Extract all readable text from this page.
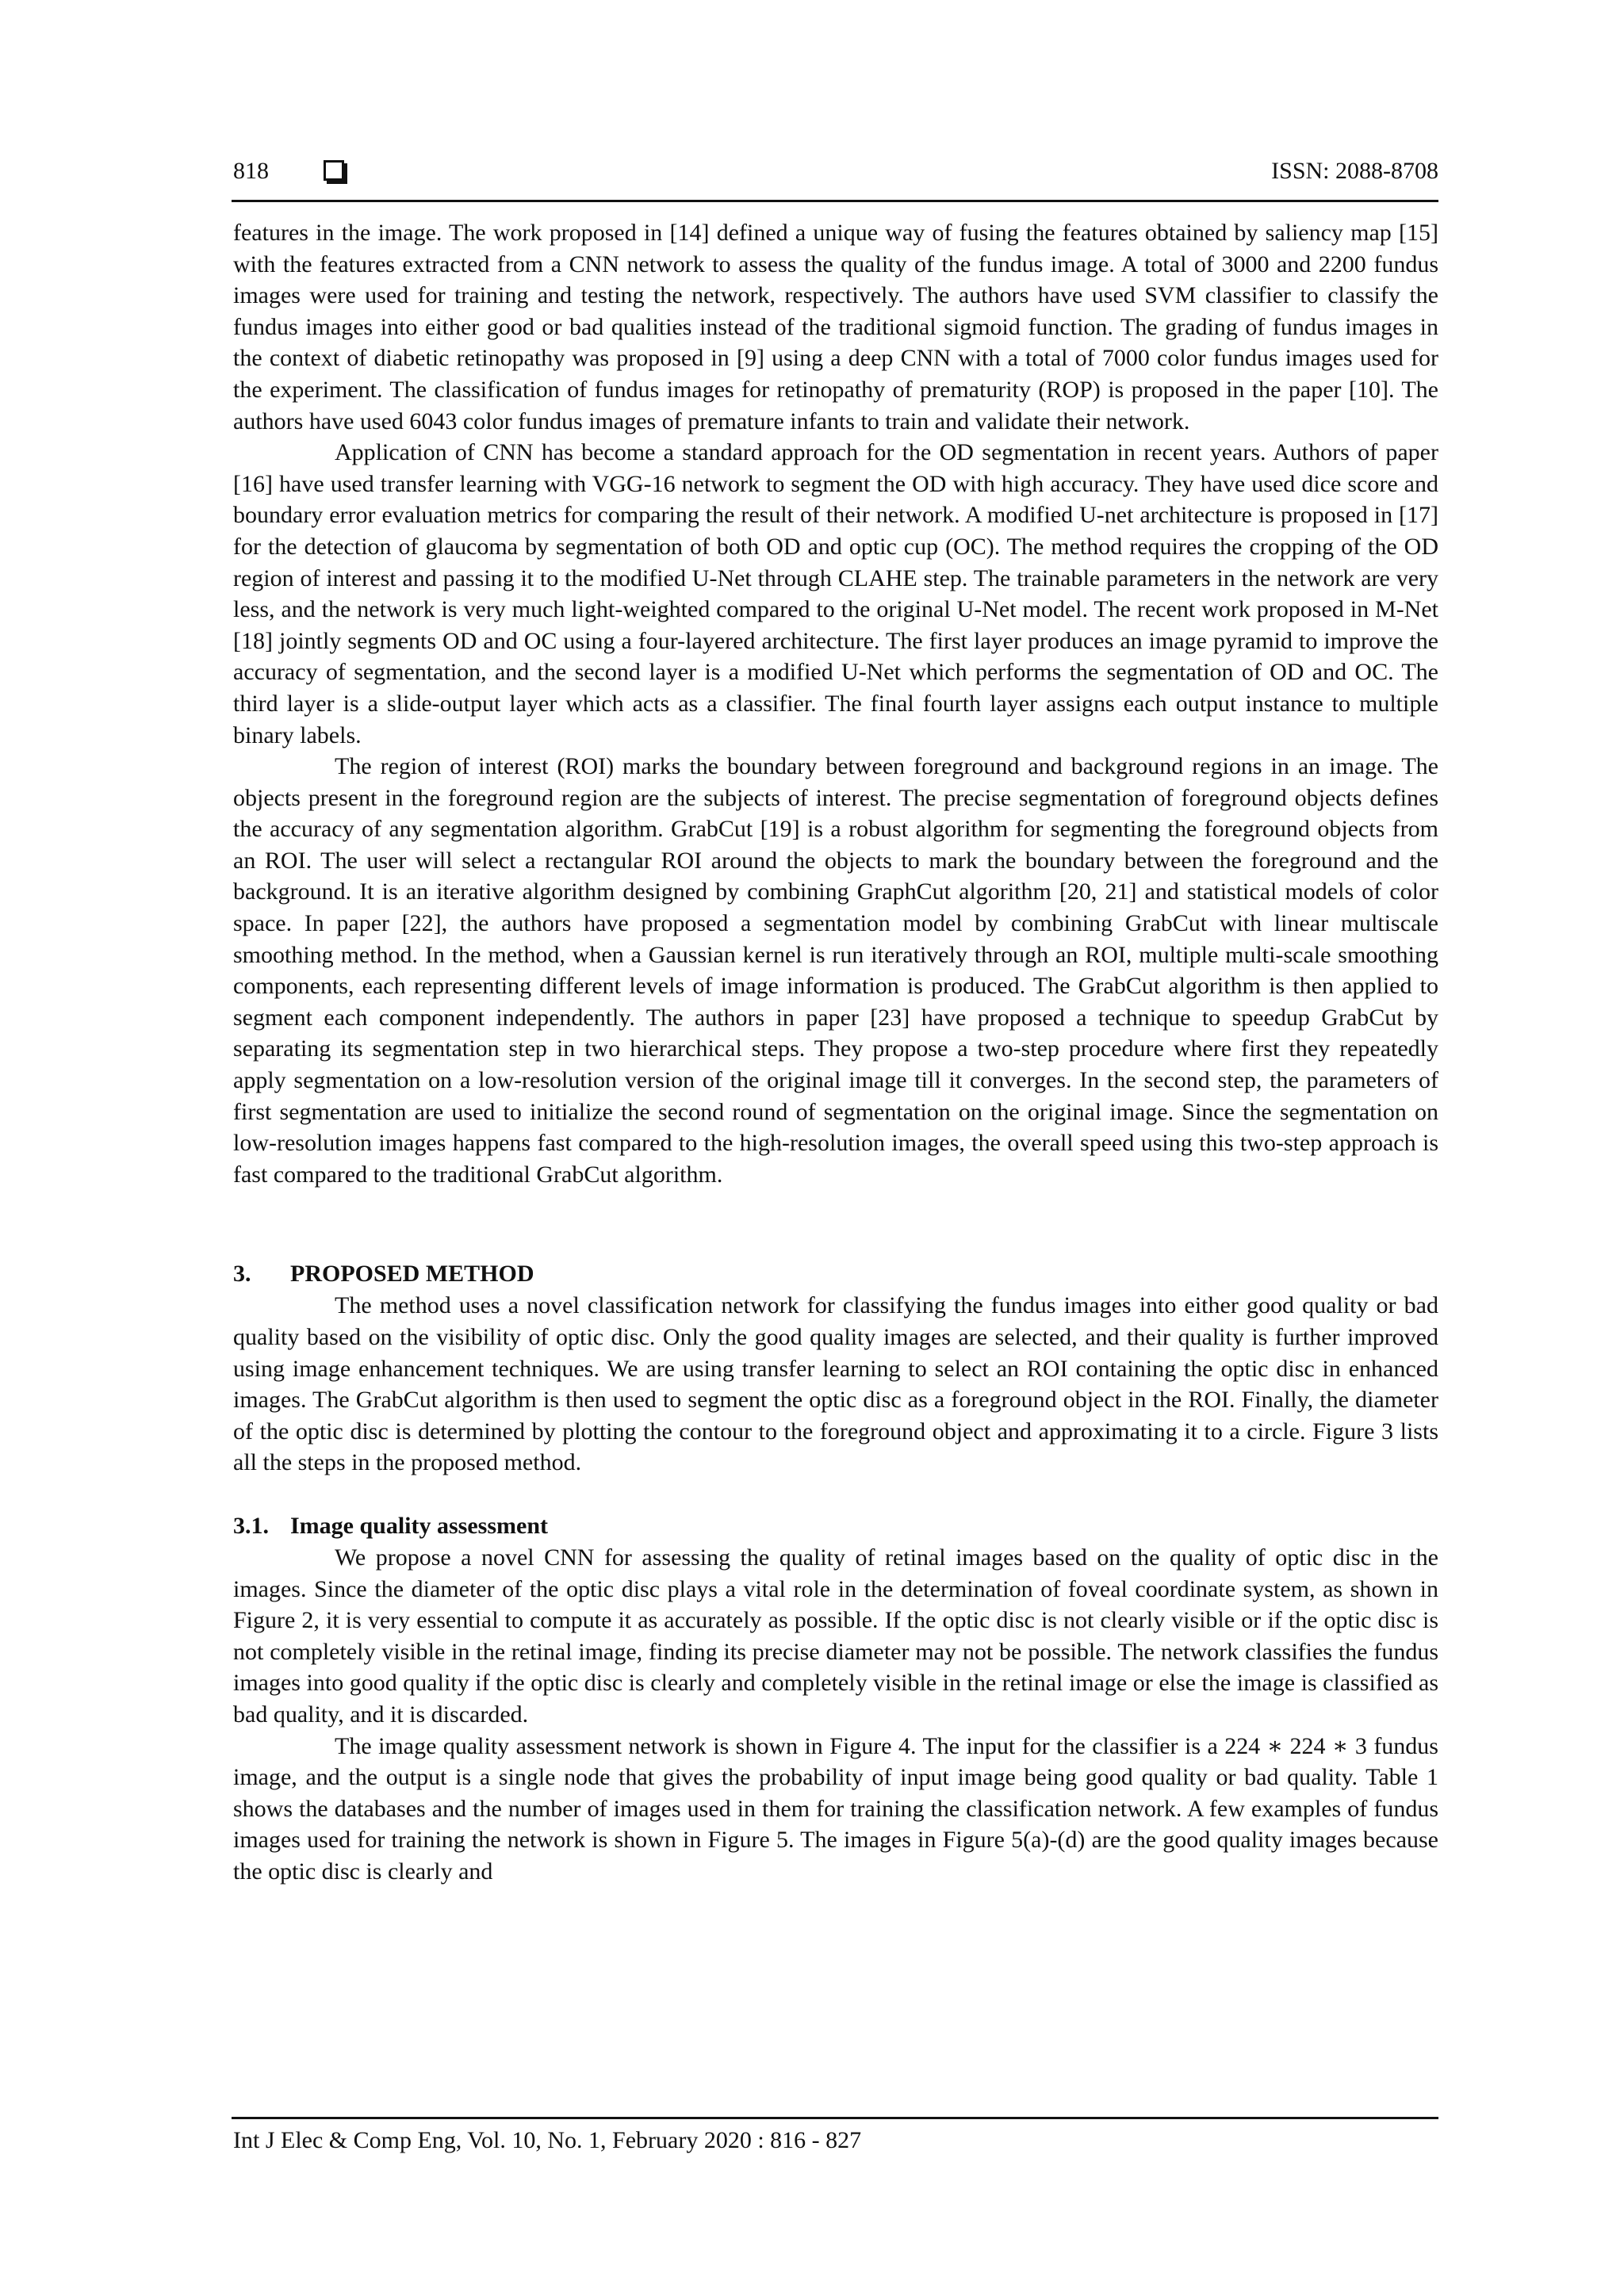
818	ISSN: 2088-8708

features in the image. The work proposed in [14] defined a unique way of fusing the features obtained by saliency map [15] with the features extracted from a CNN network to assess the quality of the fundus image. A total of 3000 and 2200 fundus images were used for training and testing the network, respectively. The authors have used SVM classifier to classify the fundus images into either good or bad qualities instead of the traditional sigmoid function. The grading of fundus images in the context of diabetic retinopathy was proposed in [9] using a deep CNN with a total of 7000 color fundus images used for the experiment. The classification of fundus images for retinopathy of prematurity (ROP) is proposed in the paper [10]. The authors have used 6043 color fundus images of premature infants to train and validate their network.

Application of CNN has become a standard approach for the OD segmentation in recent years. Authors of paper [16] have used transfer learning with VGG-16 network to segment the OD with high accuracy. They have used dice score and boundary error evaluation metrics for comparing the result of their network. A modified U-net architecture is proposed in [17] for the detection of glaucoma by segmentation of both OD and optic cup (OC). The method requires the cropping of the OD region of interest and passing it to the modified U-Net through CLAHE step. The trainable parameters in the network are very less, and the network is very much light-weighted compared to the original U-Net model. The recent work proposed in M-Net [18] jointly segments OD and OC using a four-layered architecture. The first layer produces an image pyramid to improve the accuracy of segmentation, and the second layer is a modified U-Net which performs the segmentation of OD and OC. The third layer is a slide-output layer which acts as a classifier. The final fourth layer assigns each output instance to multiple binary labels.

The region of interest (ROI) marks the boundary between foreground and background regions in an image. The objects present in the foreground region are the subjects of interest. The precise segmentation of foreground objects defines the accuracy of any segmentation algorithm. GrabCut [19] is a robust algorithm for segmenting the foreground objects from an ROI. The user will select a rectangular ROI around the objects to mark the boundary between the foreground and the background. It is an iterative algorithm designed by combining GraphCut algorithm [20, 21] and statistical models of color space. In paper [22], the authors have proposed a segmentation model by combining GrabCut with linear multiscale smoothing method. In the method, when a Gaussian kernel is run iteratively through an ROI, multiple multi-scale smoothing components, each representing different levels of image information is produced. The GrabCut algorithm is then applied to segment each component independently. The authors in paper [23] have proposed a technique to speedup GrabCut by separating its segmentation step in two hierarchical steps. They propose a two-step procedure where first they repeatedly apply segmentation on a low-resolution version of the original image till it converges. In the second step, the parameters of first segmentation are used to initialize the second round of segmentation on the original image. Since the segmentation on low-resolution images happens fast compared to the high-resolution images, the overall speed using this two-step approach is fast compared to the traditional GrabCut algorithm.

3. PROPOSED METHOD

The method uses a novel classification network for classifying the fundus images into either good quality or bad quality based on the visibility of optic disc. Only the good quality images are selected, and their quality is further improved using image enhancement techniques. We are using transfer learning to select an ROI containing the optic disc in enhanced images. The GrabCut algorithm is then used to segment the optic disc as a foreground object in the ROI. Finally, the diameter of the optic disc is determined by plotting the contour to the foreground object and approximating it to a circle. Figure 3 lists all the steps in the proposed method.

3.1. Image quality assessment

We propose a novel CNN for assessing the quality of retinal images based on the quality of optic disc in the images. Since the diameter of the optic disc plays a vital role in the determination of foveal coordinate system, as shown in Figure 2, it is very essential to compute it as accurately as possible. If the optic disc is not clearly visible or if the optic disc is not completely visible in the retinal image, finding its precise diameter may not be possible. The network classifies the fundus images into good quality if the optic disc is clearly and completely visible in the retinal image or else the image is classified as bad quality, and it is discarded.

The image quality assessment network is shown in Figure 4. The input for the classifier is a 224 ∗ 224 ∗ 3 fundus image, and the output is a single node that gives the probability of input image being good quality or bad quality. Table 1 shows the databases and the number of images used in them for training the classification network. A few examples of fundus images used for training the network is shown in Figure 5. The images in Figure 5(a)-(d) are the good quality images because the optic disc is clearly and

Int J Elec & Comp Eng, Vol. 10, No. 1, February 2020 : 816 - 827
